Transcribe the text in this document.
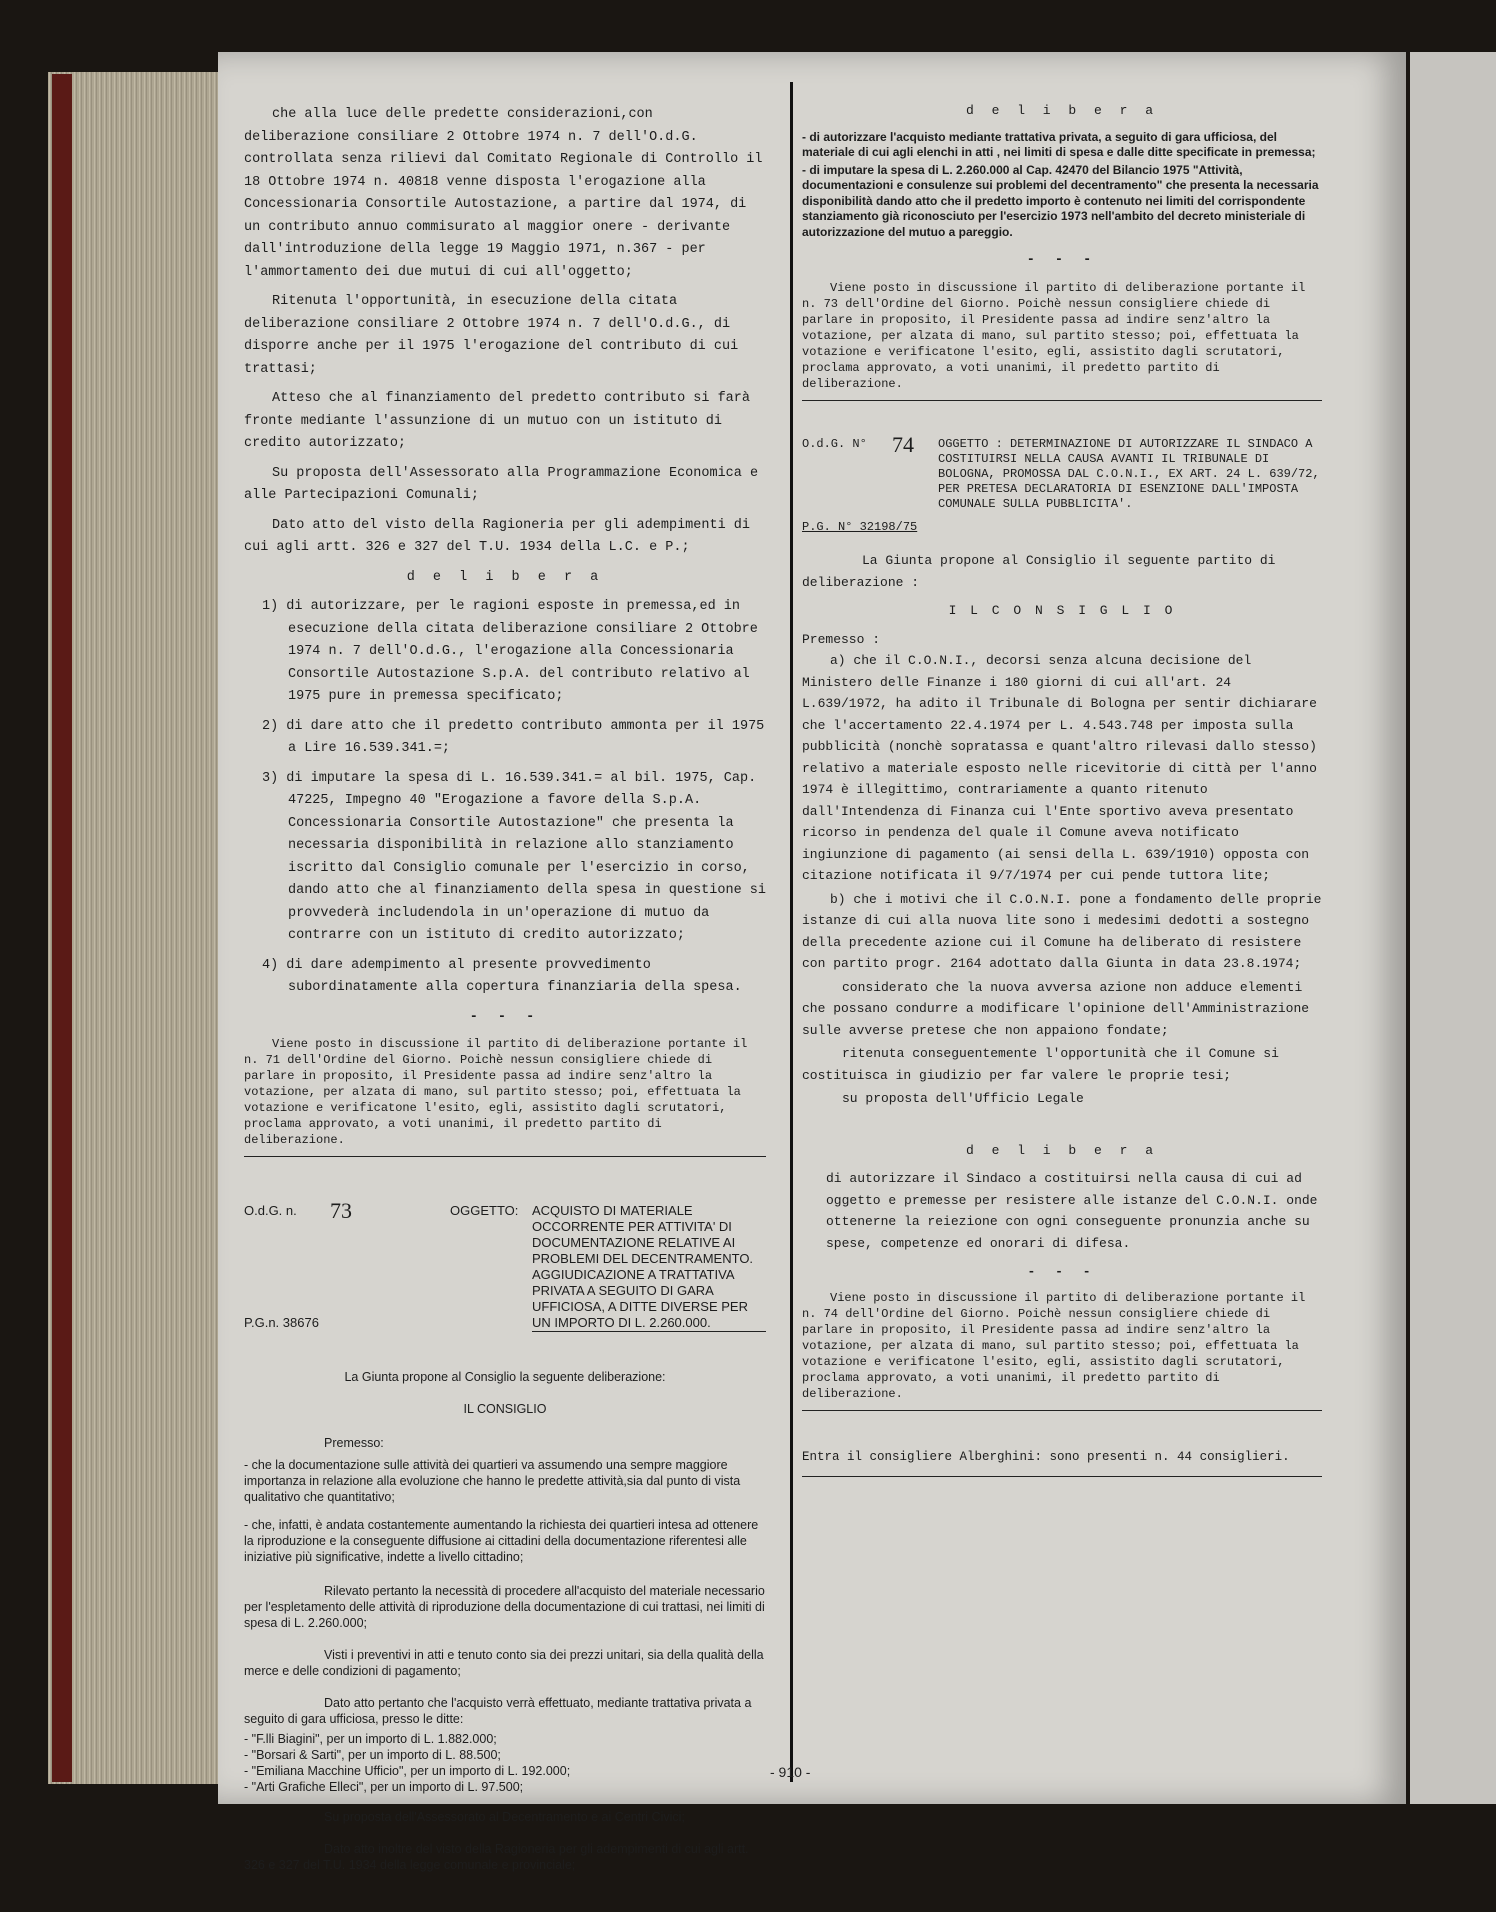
che alla luce delle predette considerazioni,con deliberazione consiliare 2 Ottobre 1974 n. 7 dell'O.d.G. controllata senza rilievi dal Comitato Regionale di Controllo il 18 Ottobre 1974 n. 40818 venne disposta l'erogazione alla Concessionaria Consortile Autostazione, a partire dal 1974, di un contributo annuo commisurato al maggior onere - derivante dall'introduzione della legge 19 Maggio 1971, n.367 - per l'ammortamento dei due mutui di cui all'oggetto;

Ritenuta l'opportunità, in esecuzione della citata deliberazione consiliare 2 Ottobre 1974 n. 7 dell'O.d.G., di disporre anche per il 1975 l'erogazione del contributo di cui trattasi;

Atteso che al finanziamento del predetto contributo si farà fronte mediante l'assunzione di un mutuo con un istituto di credito autorizzato;

Su proposta dell'Assessorato alla Programmazione Economica e alle Partecipazioni Comunali;

Dato atto del visto della Ragioneria per gli adempimenti di cui agli artt. 326 e 327 del T.U. 1934 della L.C. e P.;

d e l i b e r a

1) di autorizzare, per le ragioni esposte in premessa,ed in esecuzione della citata deliberazione consiliare 2 Ottobre 1974 n. 7 dell'O.d.G., l'erogazione alla Concessionaria Consortile Autostazione S.p.A. del contributo relativo al 1975 pure in premessa specificato;

2) di dare atto che il predetto contributo ammonta per il 1975 a Lire 16.539.341.=;

3) di imputare la spesa di L. 16.539.341.= al bil. 1975, Cap. 47225, Impegno 40 "Erogazione a favore della S.p.A. Concessionaria Consortile Autostazione" che presenta la necessaria disponibilità in relazione allo stanziamento iscritto dal Consiglio comunale per l'esercizio in corso, dando atto che al finanziamento della spesa in questione si provvederà includendola in un'operazione di mutuo da contrarre con un istituto di credito autorizzato;

4) di dare adempimento al presente provvedimento subordinatamente alla copertura finanziaria della spesa.

- - -

Viene posto in discussione il partito di deliberazione portante il n. 71 dell'Ordine del Giorno. Poichè nessun consigliere chiede di parlare in proposito, il Presidente passa ad indire senz'altro la votazione, per alzata di mano, sul partito stesso; poi, effettuata la votazione e verificatone l'esito, egli, assistito dagli scrutatori, proclama approvato, a voti unanimi, il predetto partito di deliberazione.

O.d.G. n.	73	OGGETTO: ACQUISTO DI MATERIALE OCCORRENTE PER ATTIVITA' DI DOCUMENTAZIONE RELATIVE AI PROBLEMI DEL DECENTRAMENTO. AGGIUDICAZIONE A TRATTATIVA PRIVATA A SEGUITO DI GARA UFFICIOSA, A DITTE DIVERSE PER UN IMPORTO DI L. 2.260.000.

P.G.n. 38676

La Giunta propone al Consiglio la seguente deliberazione:

IL CONSIGLIO

Premesso:

- che la documentazione sulle attività dei quartieri va assumendo una sempre maggiore importanza in relazione alla evoluzione che hanno le predette attività,sia dal punto di vista qualitativo che quantitativo;

- che, infatti, è andata costantemente aumentando la richiesta dei quartieri intesa ad ottenere la riproduzione e la conseguente diffusione ai cittadini della documentazione riferentesi alle iniziative più significative, indette a livello cittadino;

Rilevato pertanto la necessità di procedere all'acquisto del materiale necessario per l'espletamento delle attività di riproduzione della documentazione di cui trattasi, nei limiti di spesa di L. 2.260.000;

Visti i preventivi in atti e tenuto conto sia dei prezzi unitari, sia della qualità della merce e delle condizioni di pagamento;

Dato atto pertanto che l'acquisto verrà effettuato, mediante trattativa privata a seguito di gara ufficiosa, presso le ditte:

- "F.lli Biagini", per un importo di L. 1.882.000;

- "Borsari & Sarti", per un importo di L. 88.500;

- "Emiliana Macchine Ufficio", per un importo di L. 192.000;

- "Arti Grafiche Elleci", per un importo di L. 97.500;

Su proposta dell'Assessorato al Decentramento e ai Centri Civici;

Dato atto inoltre del visto della Ragioneria per gli adempimenti di cui agli artt. 326 e 327 del T.U. 1934 della legge comunale e provinciale;

d e l i b e r a

- di autorizzare l'acquisto mediante trattativa privata, a seguito di gara ufficiosa, del materiale di cui agli elenchi in atti , nei limiti di spesa e dalle ditte specificate in premessa;

- di imputare la spesa di L. 2.260.000 al Cap. 42470 del Bilancio 1975 "Attività, documentazioni e consulenze sui problemi del decentramento" che presenta la necessaria disponibilità dando atto che il predetto importo è contenuto nei limiti del corrispondente stanziamento già riconosciuto per l'esercizio 1973 nell'ambito del decreto ministeriale di autorizzazione del mutuo a pareggio.

- - -

Viene posto in discussione il partito di deliberazione portante il n. 73 dell'Ordine del Giorno. Poichè nessun consigliere chiede di parlare in proposito, il Presidente passa ad indire senz'altro la votazione, per alzata di mano, sul partito stesso; poi, effettuata la votazione e verificatone l'esito, egli, assistito dagli scrutatori, proclama approvato, a voti unanimi, il predetto partito di deliberazione.

O.d.G. N°	74	OGGETTO : DETERMINAZIONE DI AUTORIZZARE IL SINDACO A COSTITUIRSI NELLA CAUSA AVANTI IL TRIBUNALE DI BOLOGNA, PROMOSSA DAL C.O.N.I., EX ART. 24 L. 639/72, PER PRETESA DECLARATORIA DI ESENZIONE DALL'IMPOSTA COMUNALE SULLA PUBBLICITA'.

P.G. N° 32198/75

La Giunta propone al Consiglio il seguente partito di deliberazione :

I L C O N S I G L I O

Premesso :

a) che il C.O.N.I., decorsi senza alcuna decisione del Ministero delle Finanze i 180 giorni di cui all'art. 24 L.639/1972, ha adito il Tribunale di Bologna per sentir dichiarare che l'accertamento 22.4.1974 per L. 4.543.748 per imposta sulla pubblicità (nonchè sopratassa e quant'altro rilevasi dallo stesso) relativo a materiale esposto nelle ricevitorie di città per l'anno 1974 è illegittimo, contrariamente a quanto ritenuto dall'Intendenza di Finanza cui l'Ente sportivo aveva presentato ricorso in pendenza del quale il Comune aveva notificato ingiunzione di pagamento (ai sensi della L. 639/1910) opposta con citazione notificata il 9/7/1974 per cui pende tuttora lite;

b) che i motivi che il C.O.N.I. pone a fondamento delle proprie istanze di cui alla nuova lite sono i medesimi dedotti a sostegno della precedente azione cui il Comune ha deliberato di resistere con partito progr. 2164 adottato dalla Giunta in data 23.8.1974;

considerato che la nuova avversa azione non adduce elementi che possano condurre a modificare l'opinione dell'Amministrazione sulle avverse pretese che non appaiono fondate;

ritenuta conseguentemente l'opportunità che il Comune si costituisca in giudizio per far valere le proprie tesi;

su proposta dell'Ufficio Legale

d e l i b e r a

di autorizzare il Sindaco a costituirsi nella causa di cui ad oggetto e premesse per resistere alle istanze del C.O.N.I. onde ottenerne la reiezione con ogni conseguente pronunzia anche su spese, competenze ed onorari di difesa.

- - -

Viene posto in discussione il partito di deliberazione portante il n. 74 dell'Ordine del Giorno. Poichè nessun consigliere chiede di parlare in proposito, il Presidente passa ad indire senz'altro la votazione, per alzata di mano, sul partito stesso; poi, effettuata la votazione e verificatone l'esito, egli, assistito dagli scrutatori, proclama approvato, a voti unanimi, il predetto partito di deliberazione.

Entra il consigliere Alberghini: sono presenti n. 44 consiglieri.

- 910 -
